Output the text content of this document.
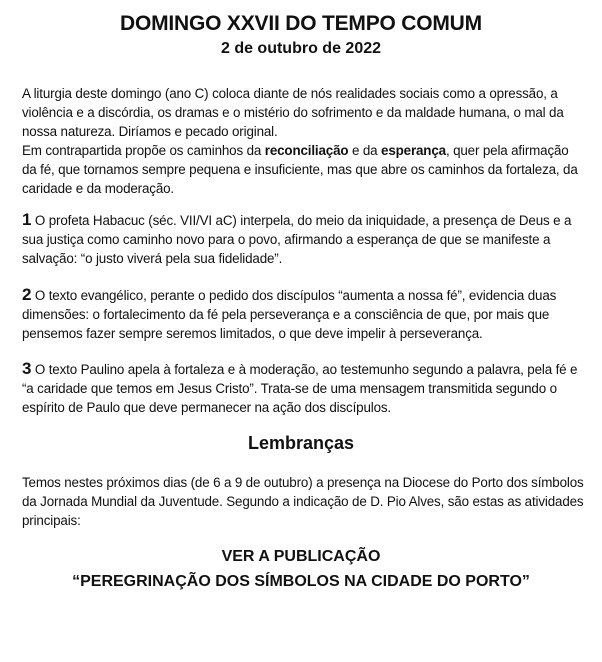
DOMINGO XXVII DO TEMPO COMUM
2 de outubro de 2022

A liturgia deste domingo (ano C) coloca diante de nós realidades sociais como a opressão, a violência e a discórdia, os dramas e o mistério do sofrimento e da maldade humana, o mal da nossa natureza. Diríamos e pecado original.

Em contrapartida propõe os caminhos da reconciliação e da esperança, quer pela afirmação da fé, que tornamos sempre pequena e insuficiente, mas que abre os caminhos da fortaleza, da caridade e da moderação.

1 O profeta Habacuc (séc. VII/VI aC) interpela, do meio da iniquidade, a presença de Deus e a sua justiça como caminho novo para o povo, afirmando a esperança de que se manifeste a salvação: “o justo viverá pela sua fidelidade”.

2 O texto evangélico, perante o pedido dos discípulos “aumenta a nossa fé”, evidencia duas dimensões: o fortalecimento da fé pela perseverança e a consciência de que, por mais que pensemos fazer sempre seremos limitados, o que deve impelir à perseverança.

3 O texto Paulino apela à fortaleza e à moderação, ao testemunho segundo a palavra, pela fé e “a caridade que temos em Jesus Cristo”. Trata-se de uma mensagem transmitida segundo o espírito de Paulo que deve permanecer na ação dos discípulos.

Lembranças

Temos nestes próximos dias (de 6 a 9 de outubro) a presença na Diocese do Porto dos símbolos da Jornada Mundial da Juventude. Segundo a indicação de D. Pio Alves, são estas as atividades principais:

VER A PUBLICAÇÃO
“PEREGRINAÇÃO DOS SÍMBOLOS NA CIDADE DO PORTO”
